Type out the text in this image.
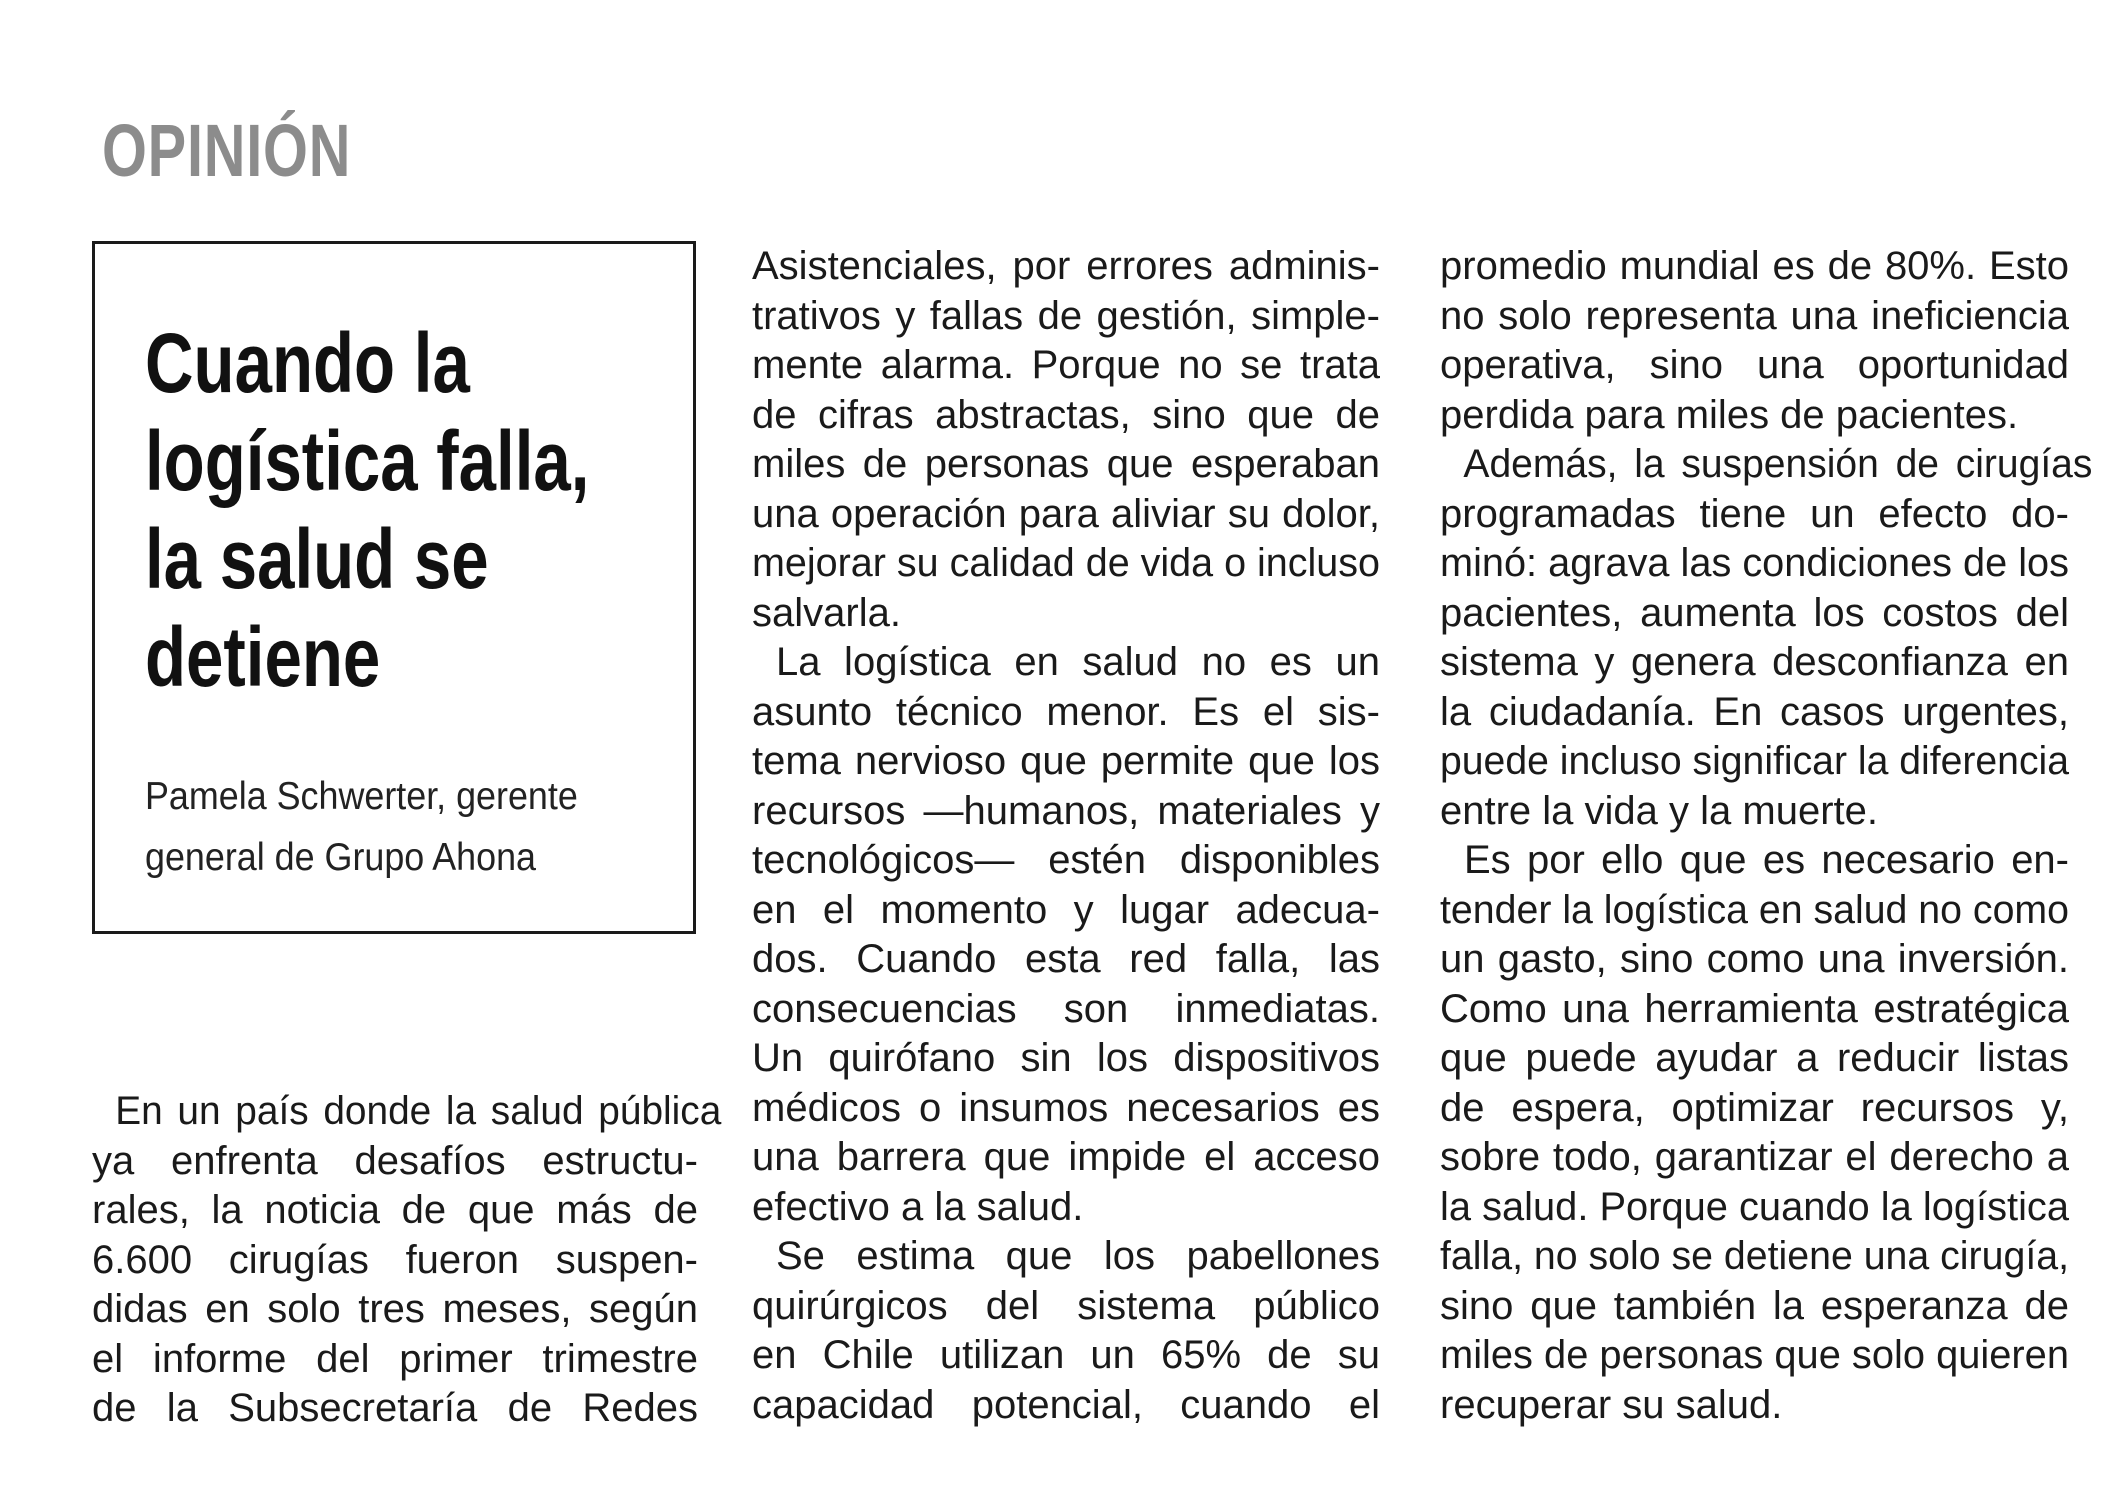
OPINIÓN
Cuando la
logística falla,
la salud se
detiene
Pamela Schwerter, gerente
general de Grupo Ahona
En un país donde la salud pública
ya enfrenta desafíos estructu-
rales, la noticia de que más de
6.600 cirugías fueron suspen-
didas en solo tres meses, según
el informe del primer trimestre
de la Subsecretaría de Redes
Asistenciales, por errores adminis-
trativos y fallas de gestión, simple-
mente alarma. Porque no se trata
de cifras abstractas, sino que de
miles de personas que esperaban
una operación para aliviar su dolor,
mejorar su calidad de vida o incluso
salvarla.
La logística en salud no es un
asunto técnico menor. Es el sis-
tema nervioso que permite que los
recursos —humanos, materiales y
tecnológicos— estén disponibles
en el momento y lugar adecua-
dos. Cuando esta red falla, las
consecuencias son inmediatas.
Un quirófano sin los dispositivos
médicos o insumos necesarios es
una barrera que impide el acceso
efectivo a la salud.
Se estima que los pabellones
quirúrgicos del sistema público
en Chile utilizan un 65% de su
capacidad potencial, cuando el
promedio mundial es de 80%. Esto
no solo representa una ineficiencia
operativa, sino una oportunidad
perdida para miles de pacientes.
Además, la suspensión de cirugías
programadas tiene un efecto do-
minó: agrava las condiciones de los
pacientes, aumenta los costos del
sistema y genera desconfianza en
la ciudadanía. En casos urgentes,
puede incluso significar la diferencia
entre la vida y la muerte.
Es por ello que es necesario en-
tender la logística en salud no como
un gasto, sino como una inversión.
Como una herramienta estratégica
que puede ayudar a reducir listas
de espera, optimizar recursos y,
sobre todo, garantizar el derecho a
la salud. Porque cuando la logística
falla, no solo se detiene una cirugía,
sino que también la esperanza de
miles de personas que solo quieren
recuperar su salud.
